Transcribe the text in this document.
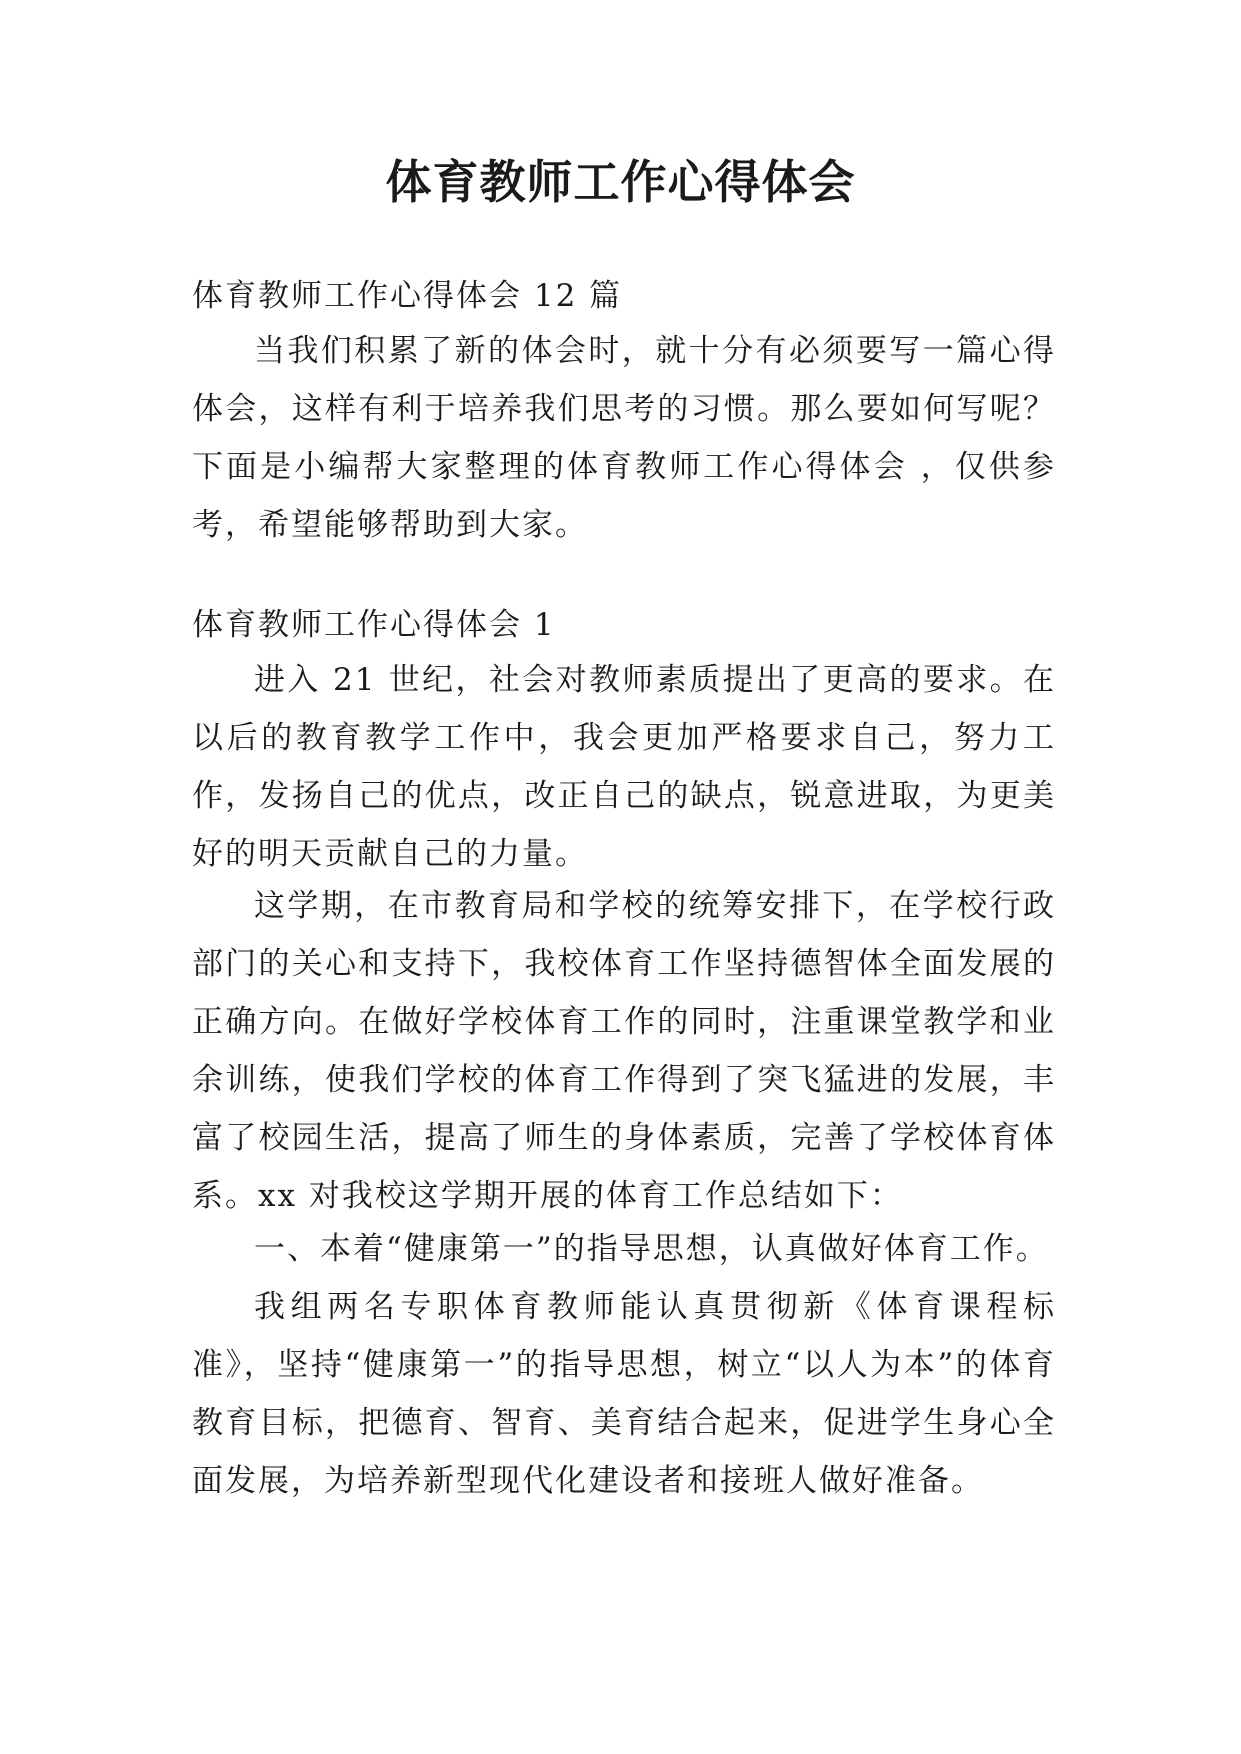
体育教师工作心得体会

体育教师工作心得体会 12 篇

当我们积累了新的体会时，就十分有必须要写一篇心得体会，这样有利于培养我们思考的习惯。那么要如何写呢？下面是小编帮大家整理的体育教师工作心得体会 ，仅供参考，希望能够帮助到大家。

体育教师工作心得体会 1

进入 21 世纪，社会对教师素质提出了更高的要求。在以后的教育教学工作中，我会更加严格要求自己，努力工作，发扬自己的优点，改正自己的缺点，锐意进取，为更美好的明天贡献自己的力量。

这学期，在市教育局和学校的统筹安排下，在学校行政部门的关心和支持下，我校体育工作坚持德智体全面发展的正确方向。在做好学校体育工作的同时，注重课堂教学和业余训练，使我们学校的体育工作得到了突飞猛进的发展，丰富了校园生活，提高了师生的身体素质，完善了学校体育体系。xx 对我校这学期开展的体育工作总结如下：

一、本着“健康第一”的指导思想，认真做好体育工作。

我组两名专职体育教师能认真贯彻新《体育课程标准》，坚持“健康第一”的指导思想，树立“以人为本”的体育教育目标，把德育、智育、美育结合起来，促进学生身心全面发展，为培养新型现代化建设者和接班人做好准备。
